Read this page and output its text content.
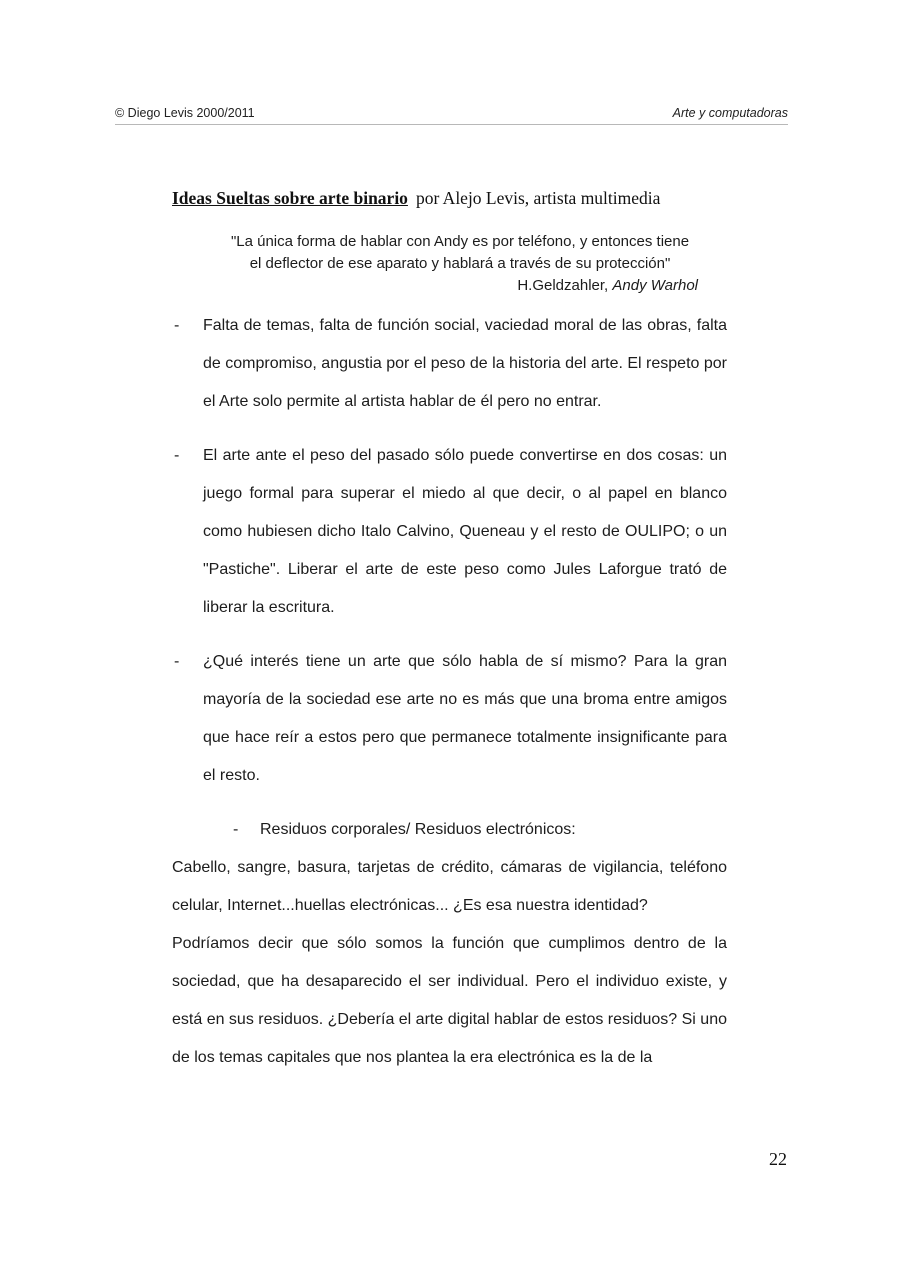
© Diego Levis 2000/2011	Arte y computadoras
Ideas Sueltas sobre arte binario por Alejo Levis, artista multimedia
"La única forma de hablar con Andy es por teléfono, y entonces tiene
el deflector de ese aparato y hablará a través de su protección"
H.Geldzahler, Andy Warhol
- Falta de temas, falta de función social, vaciedad moral de las obras, falta de compromiso, angustia por el peso de la historia del arte. El respeto por el Arte solo permite al artista hablar de él pero no entrar.
- El arte ante el peso del pasado sólo puede convertirse en dos cosas: un juego formal para superar el miedo al que decir, o al papel en blanco como hubiesen dicho Italo Calvino, Queneau y el resto de OULIPO; o un "Pastiche". Liberar el arte de este peso como Jules Laforgue trató de liberar la escritura.
- ¿Qué interés tiene un arte que sólo habla de sí mismo? Para la gran mayoría de la sociedad ese arte no es más que una broma entre amigos que hace reír a estos pero que permanece totalmente insignificante para el resto.
- Residuos corporales/ Residuos electrónicos:

Cabello, sangre, basura, tarjetas de crédito, cámaras de vigilancia, teléfono celular, Internet...huellas electrónicas... ¿Es esa nuestra identidad?

Podríamos decir que sólo somos la función que cumplimos dentro de la sociedad, que ha desaparecido el ser individual. Pero el individuo existe, y está en sus residuos. ¿Debería el arte digital hablar de estos residuos? Si uno de los temas capitales que nos plantea la era electrónica es la de la

22
